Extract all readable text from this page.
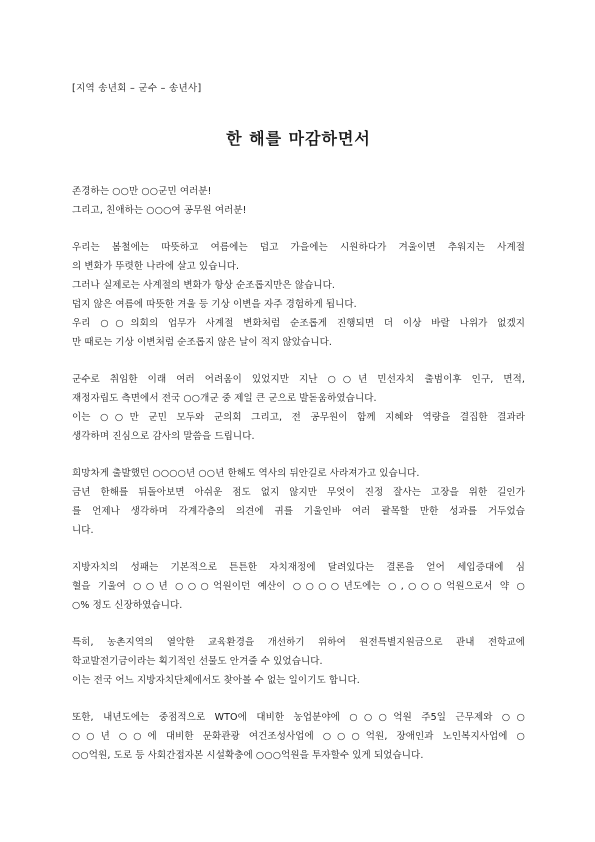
[지역 송년회 – 군수 – 송년사]
한 해를 마감하면서
존경하는 ○○만 ○○군민 여러분!
그리고, 친애하는 ○○○여 공무원 여러분!
우리는 봄철에는 따뜻하고 여름에는 덥고 가을에는 시원하다가 겨울이면 추워지는 사계절
의 변화가 뚜렷한 나라에 살고 있습니다.
그러나 실제로는 사계절의 변화가 항상 순조롭지만은 않습니다.
덥지 않은 여름에 따뜻한 겨울 등 기상 이변을 자주 경험하게 됩니다.
우리 ○○의회의 업무가 사계절 변화처럼 순조롭게 진행되면 더 이상 바랄 나위가 없겠지
만 때로는 기상 이변처럼 순조롭지 않은 날이 적지 않았습니다.
군수로 취임한 이래 여러 어려움이 있었지만 지난 ○○년 민선자치 출범이후 인구, 면적,
재정자립도 측면에서 전국 ○○개군 중 제일 큰 군으로 발돋움하였습니다.
이는 ○○만 군민 모두와 군의회 그리고, 전 공무원이 함께 지혜와 역량을 결집한 결과라
생각하며 진심으로 감사의 말씀을 드립니다.
희망차게 출발했던 ○○○○년 ○○년 한해도 역사의 뒤안길로 사라져가고 있습니다.
금년 한해를 뒤돌아보면 아쉬운 점도 없지 않지만 무엇이 진정 잘사는 고장을 위한 길인가
를 언제나 생각하며 각계각층의 의견에 귀를 기울인바 여러 괄목할 만한 성과를 거두었습
니다.
지방자치의 성패는 기본적으로 튼튼한 자치재정에 달려있다는 결론을 얻어 세입증대에 심
혈을 기울여 ○○년 ○○○억원이던 예산이 ○○○○년도에는 ○,○○○억원으로서 약 ○
○% 정도 신장하였습니다.
특히, 농촌지역의 열악한 교육환경을 개선하기 위하여 원전특별지원금으로 관내 전학교에
학교발전기금이라는 획기적인 선물도 안겨줄 수 있었습니다.
이는 전국 어느 지방자치단체에서도 찾아볼 수 없는 일이기도 합니다.
또한, 내년도에는 중점적으로 WTO에 대비한 농업분야에 ○○○억원 주5일 근무제와 ○○
○○년 ○○에 대비한 문화관광 여건조성사업에 ○○○억원, 장애인과 노인복지사업에 ○
○○억원, 도로 등 사회간접자본 시설확충에 ○○○억원을 투자할수 있게 되었습니다.
